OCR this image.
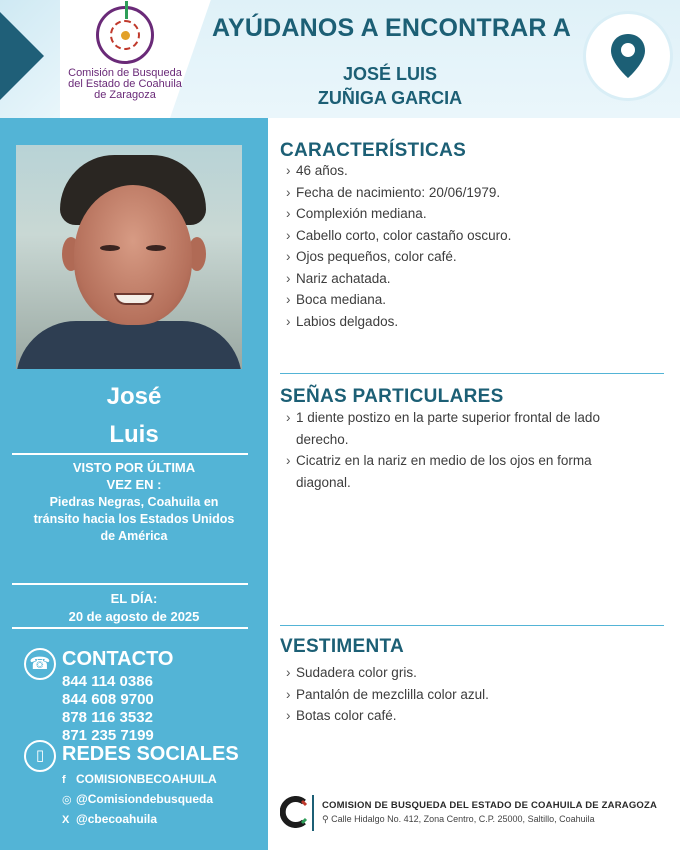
Comisión de Busqueda
del Estado de Coahuila
de Zaragoza
AYÚDANOS A ENCONTRAR A
JOSÉ LUIS
ZUÑIGA GARCIA
José
Luis
VISTO POR ÚLTIMA
VEZ EN :
Piedras Negras, Coahuila en
tránsito hacia los Estados Unidos
de América
EL DÍA:
20 de agosto de 2025
☎ CONTACTO
844 114 0386
844 608 9700
878 116 3532
871 235 7199
▯ REDES SOCIALES
f COMISIONBECOAHUILA
◎ @Comisiondebusqueda
X @cbecoahuila
CARACTERÍSTICAS
› 46 años.
› Fecha de nacimiento: 20/06/1979.
› Complexión mediana.
› Cabello corto, color castaño oscuro.
› Ojos pequeños, color café.
› Nariz achatada.
› Boca mediana.
› Labios delgados.
SEÑAS PARTICULARES
› 1 diente postizo en la parte superior frontal de lado derecho.
› Cicatriz en la nariz en medio de los ojos en forma diagonal.
VESTIMENTA
› Sudadera color gris.
› Pantalón de mezclilla color azul.
› Botas color café.
COMISION DE BUSQUEDA DEL ESTADO DE COAHUILA DE ZARAGOZA
⚲ Calle Hidalgo No. 412, Zona Centro, C.P. 25000, Saltillo, Coahuila
